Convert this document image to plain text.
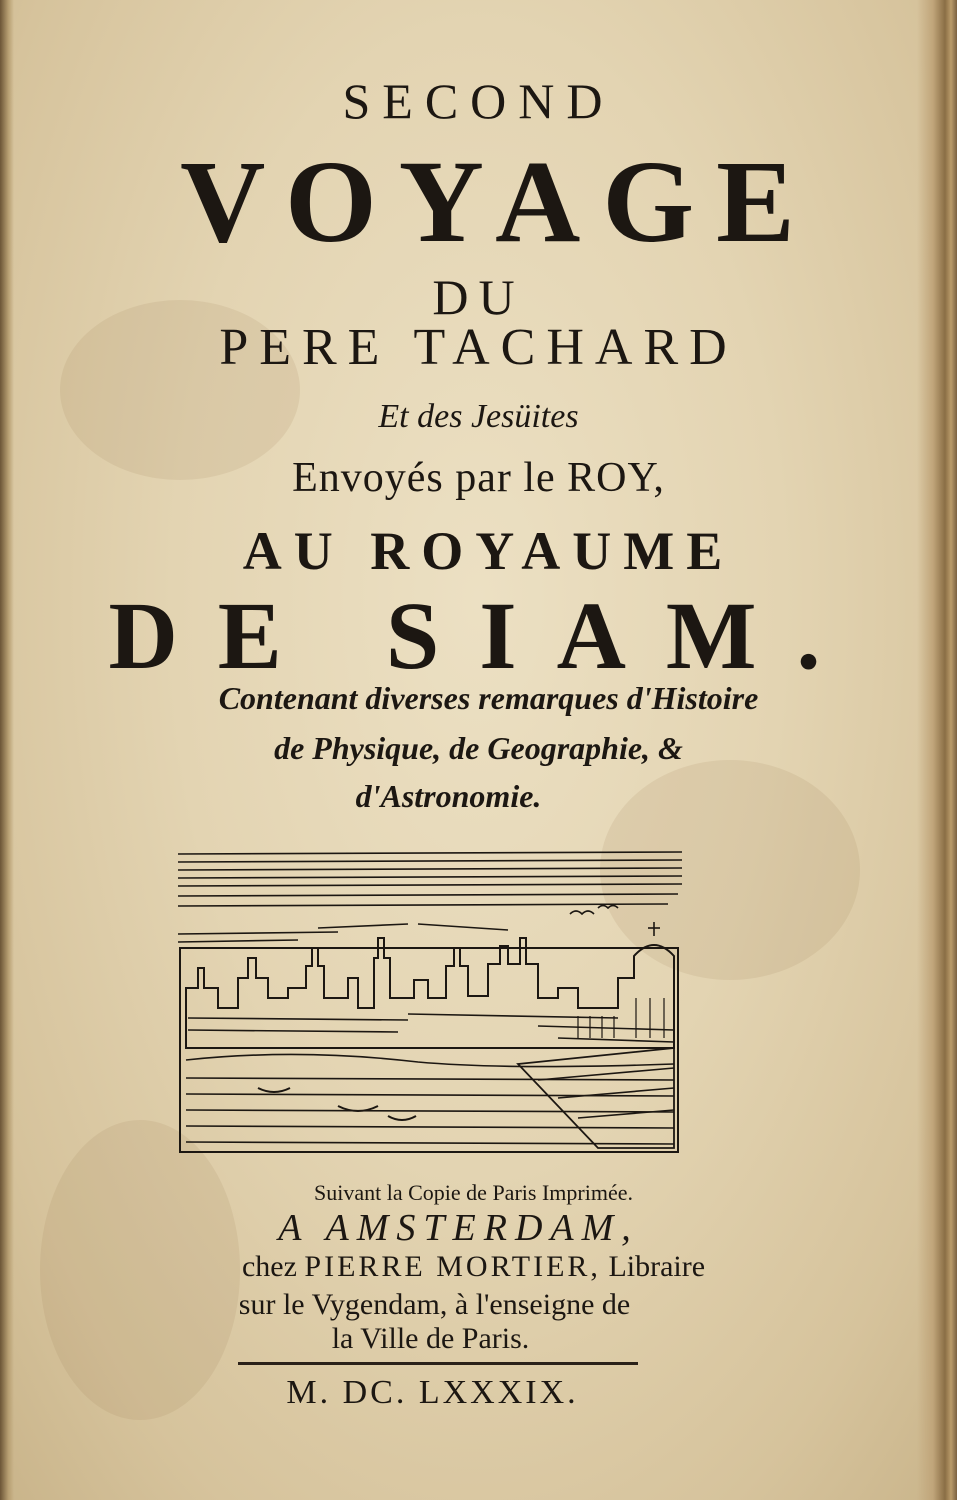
SECOND
VOYAGE
DU
PERE TACHARD
Et des Jesüites
Envoyés par le ROY,
AU ROYAUME
DE SIAM.
Contenant diverses remarques d'Histoire
de Physique, de Geographie, &
d'Astronomie.
Suivant la Copie de Paris Imprimée.
A AMSTERDAM,
chez PIERRE MORTIER, Libraire
sur le Vygendam, à l'enseigne de
la Ville de Paris.
M. DC. LXXXIX.
